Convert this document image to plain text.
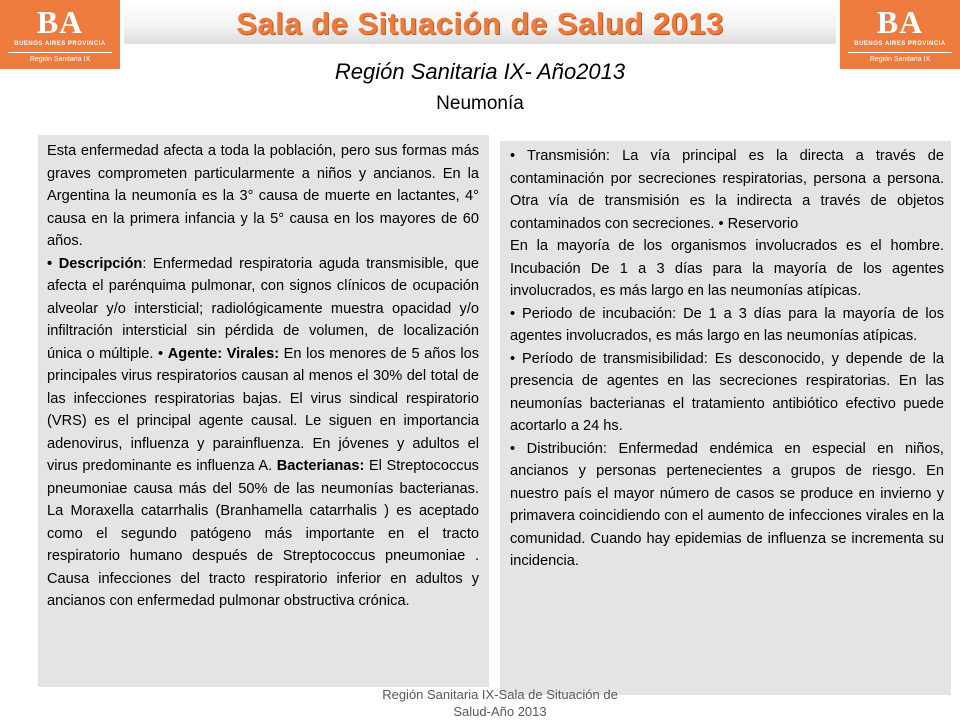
BA
BUENOS AIRES PROVINCIA
Región Sanitaria IX
Sala de Situación de Salud 2013	BA
BUENOS AIRES PROVINCIA
Región Sanitaria IX
Región Sanitaria IX- Año2013
Neumonía

Esta enfermedad afecta a toda la población, pero sus formas más graves comprometen particularmente a niños y ancianos. En la Argentina la neumonía es la 3° causa de muerte en lactantes, 4° causa en la primera infancia y la 5° causa en los mayores de 60 años.

• Descripción: Enfermedad respiratoria aguda transmisible, que afecta el parénquima pulmonar, con signos clínicos de ocupación alveolar y/o intersticial; radiológicamente muestra opacidad y/o infiltración intersticial sin pérdida de volumen, de localización única o múltiple. • Agente: Virales: En los menores de 5 años los principales virus respiratorios causan al menos el 30% del total de las infecciones respiratorias bajas. El virus sindical respiratorio (VRS) es el principal agente causal. Le siguen en importancia adenovirus, influenza y parainfluenza. En jóvenes y adultos el virus predominante es influenza A. Bacterianas: El Streptococcus pneumoniae causa más del 50% de las neumonías bacterianas. La Moraxella catarrhalis (Branhamella catarrhalis ) es aceptado como el segundo patógeno más importante en el tracto respiratorio humano después de Streptococcus pneumoniae . Causa infecciones del tracto respiratorio inferior en adultos y ancianos con enfermedad pulmonar obstructiva crónica.

• Transmisión: La vía principal es la directa a través de contaminación por secreciones respiratorias, persona a persona. Otra vía de transmisión es la indirecta a través de objetos contaminados con secreciones. • Reservorio

En la mayoría de los organismos involucrados es el hombre. Incubación De 1 a 3 días para la mayoría de los agentes involucrados, es más largo en las neumonías atípicas.

• Periodo de incubación: De 1 a 3 días para la mayoría de los agentes involucrados, es más largo en las neumonías atípicas.

• Período de transmisibilidad: Es desconocido, y depende de la presencia de agentes en las secreciones respiratorias. En las neumonías bacterianas el tratamiento antibiótico efectivo puede acortarlo a 24 hs.

• Distribución: Enfermedad endémica en especial en niños, ancianos y personas pertenecientes a grupos de riesgo. En nuestro país el mayor número de casos se produce en invierno y primavera coincidiendo con el aumento de infecciones virales en la comunidad. Cuando hay epidemias de influenza se incrementa su incidencia.

Región Sanitaria IX-Sala de Situación de
Salud-Año 2013
